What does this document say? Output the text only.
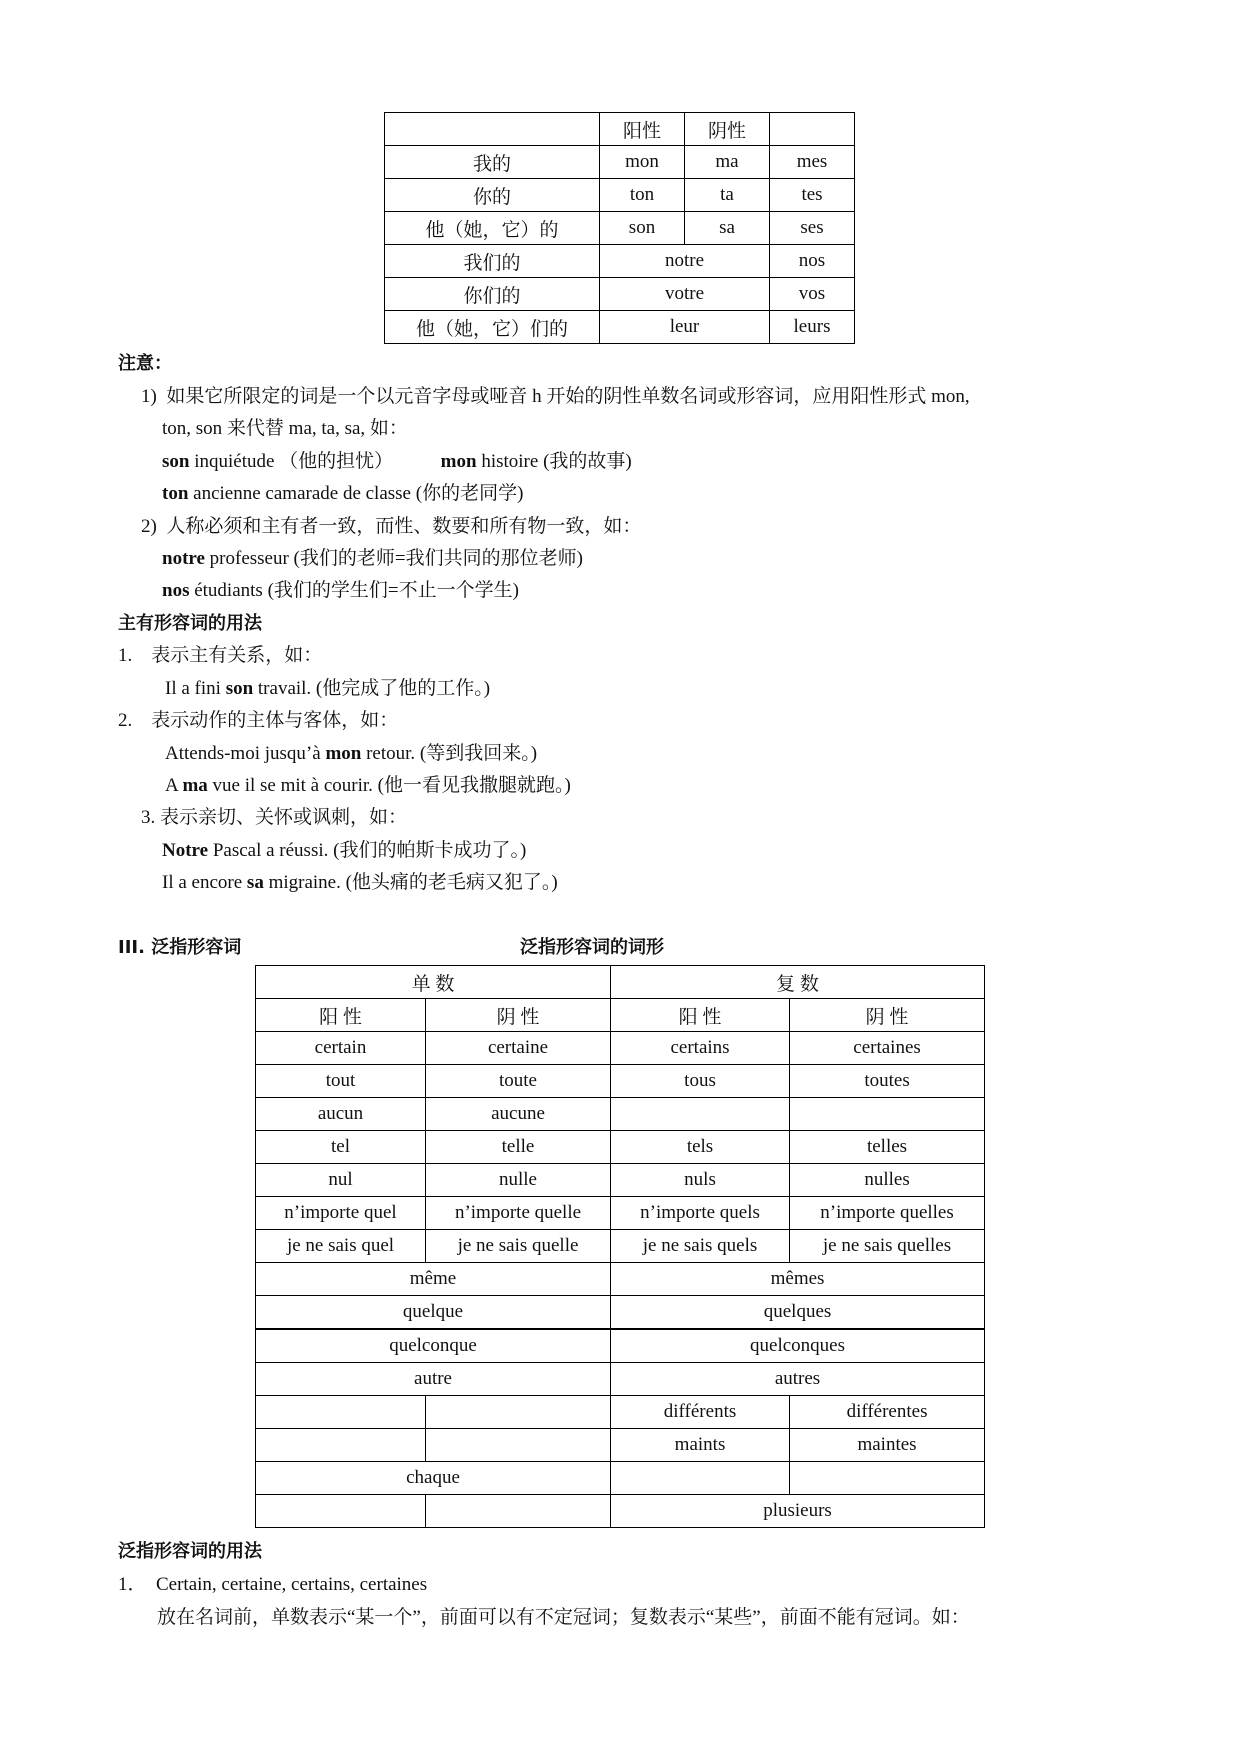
	阳性	阴性	
我的	mon	ma	mes
你的	ton	ta	tes
他（她，它）的	son	sa	ses
我们的	notre		nos
你们的	votre		vos
他（她，它）们的	leur		leurs
注意：
1)  如果它所限定的词是一个以元音字母或哑音 h 开始的阴性单数名词或形容词，应用阳性形式 mon,
ton, son 来代替 ma, ta, sa, 如：
son inquiétude （他的担忧）          mon histoire (我的故事)
ton ancienne camarade de classe (你的老同学)
2)  人称必须和主有者一致，而性、数要和所有物一致，如：
notre professeur (我们的老师=我们共同的那位老师)
nos étudiants (我们的学生们=不止一个学生)
主有形容词的用法
1.    表示主有关系，如：
Il a fini son travail. (他完成了他的工作。)
2.    表示动作的主体与客体，如：
Attends-moi jusqu’à mon retour. (等到我回来。)
A ma vue il se mit à courir. (他一看见我撒腿就跑。)
3. 表示亲切、关怀或讽刺，如：
Notre Pascal a réussi. (我们的帕斯卡成功了。)
Il a encore sa migraine. (他头痛的老毛病又犯了。)
III. 泛指形容词	泛指形容词的词形
泛指形容词的用法
1．  Certain, certaine, certains, certaines
放在名词前，单数表示“某一个”，前面可以有不定冠词；复数表示“某些”，前面不能有冠词。如：
单 数		复 数	
阳 性	阴 性	阳 性	阴 性
certain	certaine	certains	certaines
tout	toute	tous	toutes
aucun	aucune		
tel	telle	tels	telles
nul	nulle	nuls	nulles
n’importe quel	n’importe quelle	n’importe quels	n’importe quelles
je ne sais quel	je ne sais quelle	je ne sais quels	je ne sais quelles
même		mêmes	
quelque		quelques	
quelconque		quelconques	
autre		autres	
		différents	différentes
		maints	maintes
chaque			
		plusieurs	
